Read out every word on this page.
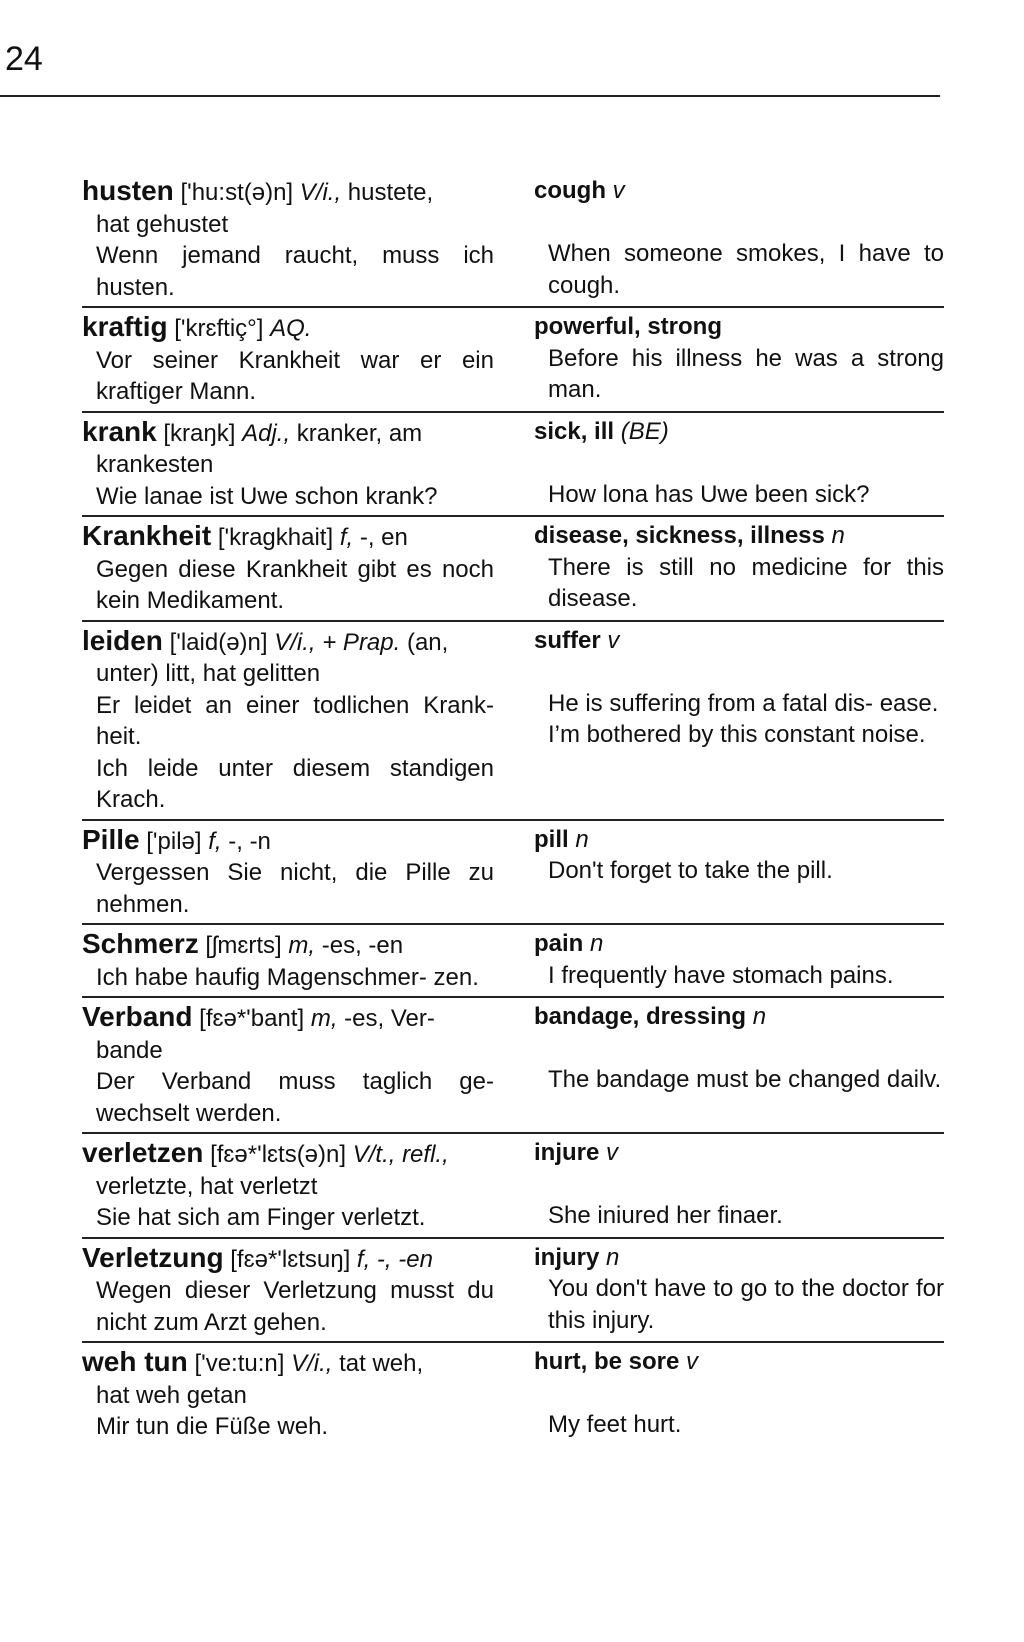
24
husten ['hu:st(ə)n] V/i., hustete,
hat gehustet
Wenn jemand raucht, muss ich husten.
cough v
When someone smokes, I have to cough.
kraftig ['krɛftiç°] AQ.
Vor seiner Krankheit war er ein kraftiger Mann.
powerful, strong
Before his illness he was a strong man.
krank [kraŋk] Adj., kranker, am
krankesten
Wie lanae ist Uwe schon krank?
sick, ill (BE)
How lona has Uwe been sick?
Krankheit ['kragkhait] f, -, en
Gegen diese Krankheit gibt es noch kein Medikament.
disease, sickness, illness n
There is still no medicine for this disease.
leiden ['laid(ə)n] V/i., + Prap. (an,
unter) litt, hat gelitten
Er leidet an einer todlichen Krank- heit.
Ich leide unter diesem standigen Krach.
suffer v
He is suffering from a fatal dis- ease.
I’m bothered by this constant noise.
Pille ['pilə] f, -, -n
Vergessen Sie nicht, die Pille zu nehmen.
pill n
Don't forget to take the pill.
Schmerz [ʃmɛrts] m, -es, -en
Ich habe haufig Magenschmer- zen.
pain n
I frequently have stomach pains.
Verband [fɛə*'bant] m, -es, Ver-
bande
Der Verband muss taglich ge- wechselt werden.
bandage, dressing n
The bandage must be changed dailv.
verletzen [fɛə*'lɛts(ə)n] V/t., refl.,
verletzte, hat verletzt
Sie hat sich am Finger verletzt.
injure v
She iniured her finaer.
Verletzung [fɛə*'lɛtsuŋ] f, -, -en
Wegen dieser Verletzung musst du nicht zum Arzt gehen.
injury n
You don't have to go to the doctor for this injury.
weh tun ['ve:tu:n] V/i., tat weh,
hat weh getan
Mir tun die Füße weh.
hurt, be sore v
My feet hurt.
